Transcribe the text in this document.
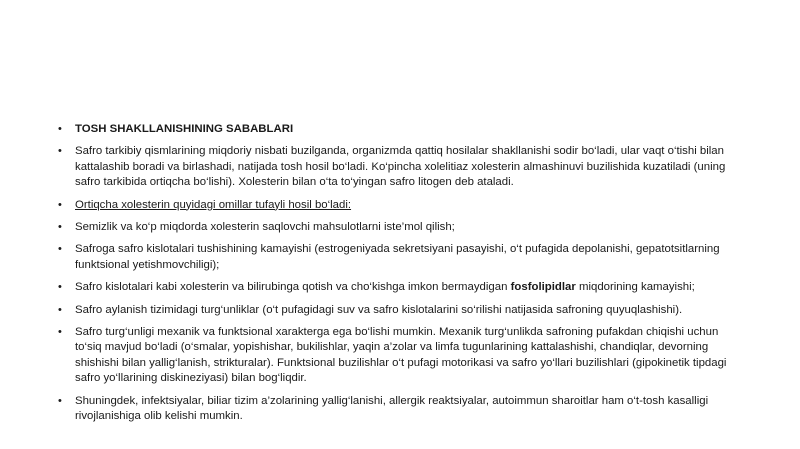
• TOSH SHAKLLANISHINING SABABLARI
• Safro tarkibiy qismlarining miqdoriy nisbati buzilganda, organizmda qattiq hosilalar shakllanishi sodir bo‘ladi, ular vaqt o‘tishi bilan kattalashib boradi va birlashadi, natijada tosh hosil bo‘ladi. Ko‘pincha xolelitiaz xolesterin almashinuvi buzilishida kuzatiladi (uning safro tarkibida ortiqcha bo‘lishi). Xolesterin bilan o‘ta to‘yingan safro litogen deb ataladi.
• Ortiqcha xolesterin quyidagi omillar tufayli hosil bo‘ladi:
• Semizlik va ko‘p miqdorda xolesterin saqlovchi mahsulotlarni iste’mol qilish;
• Safroga safro kislotalari tushishining kamayishi (estrogeniyada sekretsiyani pasayishi, o‘t pufagida depolanishi, gepatotsitlarning funktsional yetishmovchiligi);
• Safro kislotalari kabi xolesterin va bilirubinga qotish va cho‘kishga imkon bermaydigan fosfolipidlar miqdorining kamayishi;
• Safro aylanish tizimidagi turg‘unliklar (o‘t pufagidagi suv va safro kislotalarini so‘rilishi natijasida safroning quyuqlashishi).
• Safro turg‘unligi mexanik va funktsional xarakterga ega bo‘lishi mumkin. Mexanik turg‘unlikda safroning pufakdan chiqishi uchun to‘siq mavjud bo‘ladi (o‘smalar, yopishishar, bukilishlar, yaqin a’zolar va limfa tugunlarining kattalashishi, chandiqlar, devorning shishishi bilan yallig‘lanish, strikturalar). Funktsional buzilishlar o‘t pufagi motorikasi va safro yo‘llari buzilishlari (gipokinetik tipdagi safro yo‘llarining diskineziyasi) bilan bog‘liqdir.
• Shuningdek, infektsiyalar, biliar tizim a’zolarining yallig‘lanishi, allergik reaktsiyalar, autoimmun sharoitlar ham o‘t-tosh kasalligi rivojlanishiga olib kelishi mumkin.
